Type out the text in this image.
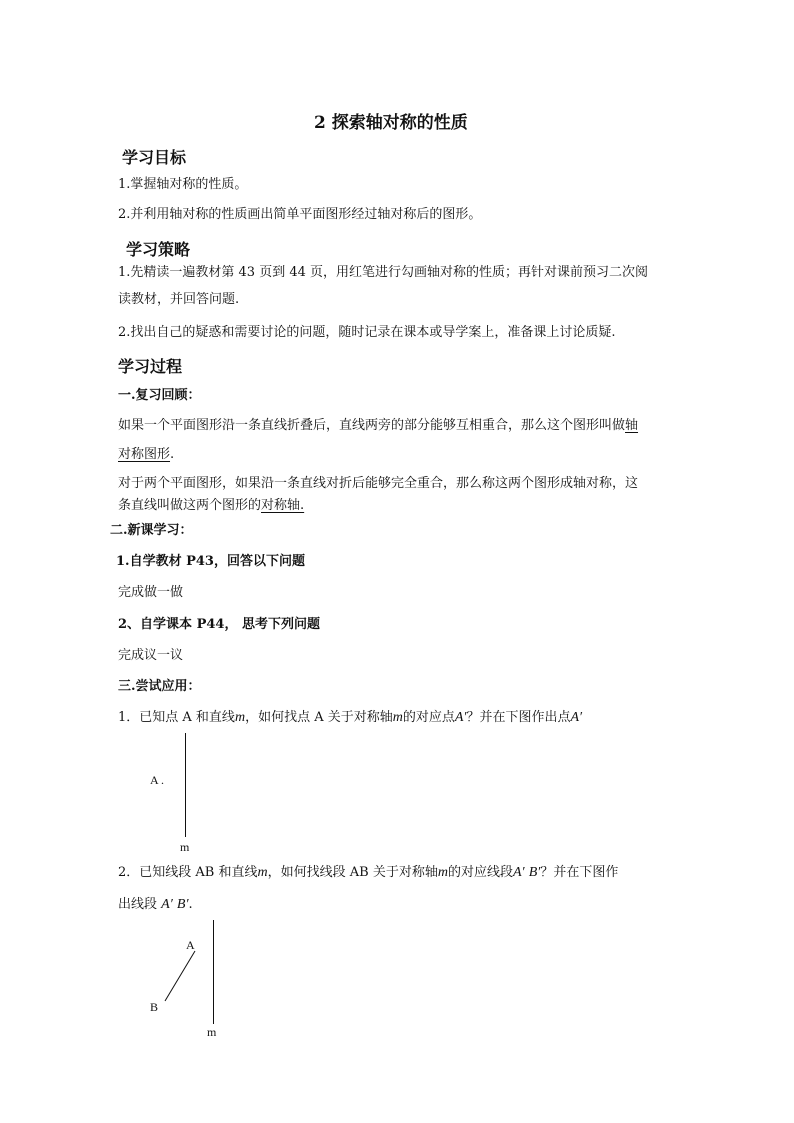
2 探索轴对称的性质
学习目标
1.掌握轴对称的性质。
2.并利用轴对称的性质画出简单平面图形经过轴对称后的图形。
学习策略
1.先精读一遍教材第 43 页到 44 页，用红笔进行勾画轴对称的性质；再针对课前预习二次阅
读教材，并回答问题.
2.找出自己的疑惑和需要讨论的问题，随时记录在课本或导学案上，准备课上讨论质疑.
学习过程
一.复习回顾：
如果一个平面图形沿一条直线折叠后，直线两旁的部分能够互相重合，那么这个图形叫做轴
对称图形.
对于两个平面图形，如果沿一条直线对折后能够完全重合，那么称这两个图形成轴对称，这
条直线叫做这两个图形的对称轴.
二.新课学习：
1.自学教材 P43，回答以下问题
完成做一做
2、自学课本 P44， 思考下列问题
完成议一议
三.尝试应用：
1．已知点 A 和直线m，如何找点 A 关于对称轴m的对应点A′？并在下图作出点A′
A .
m
2．已知线段 AB 和直线m，如何找线段 AB 关于对称轴m的对应线段A′ B′？并在下图作
出线段 A′ B′.
A
B
m
